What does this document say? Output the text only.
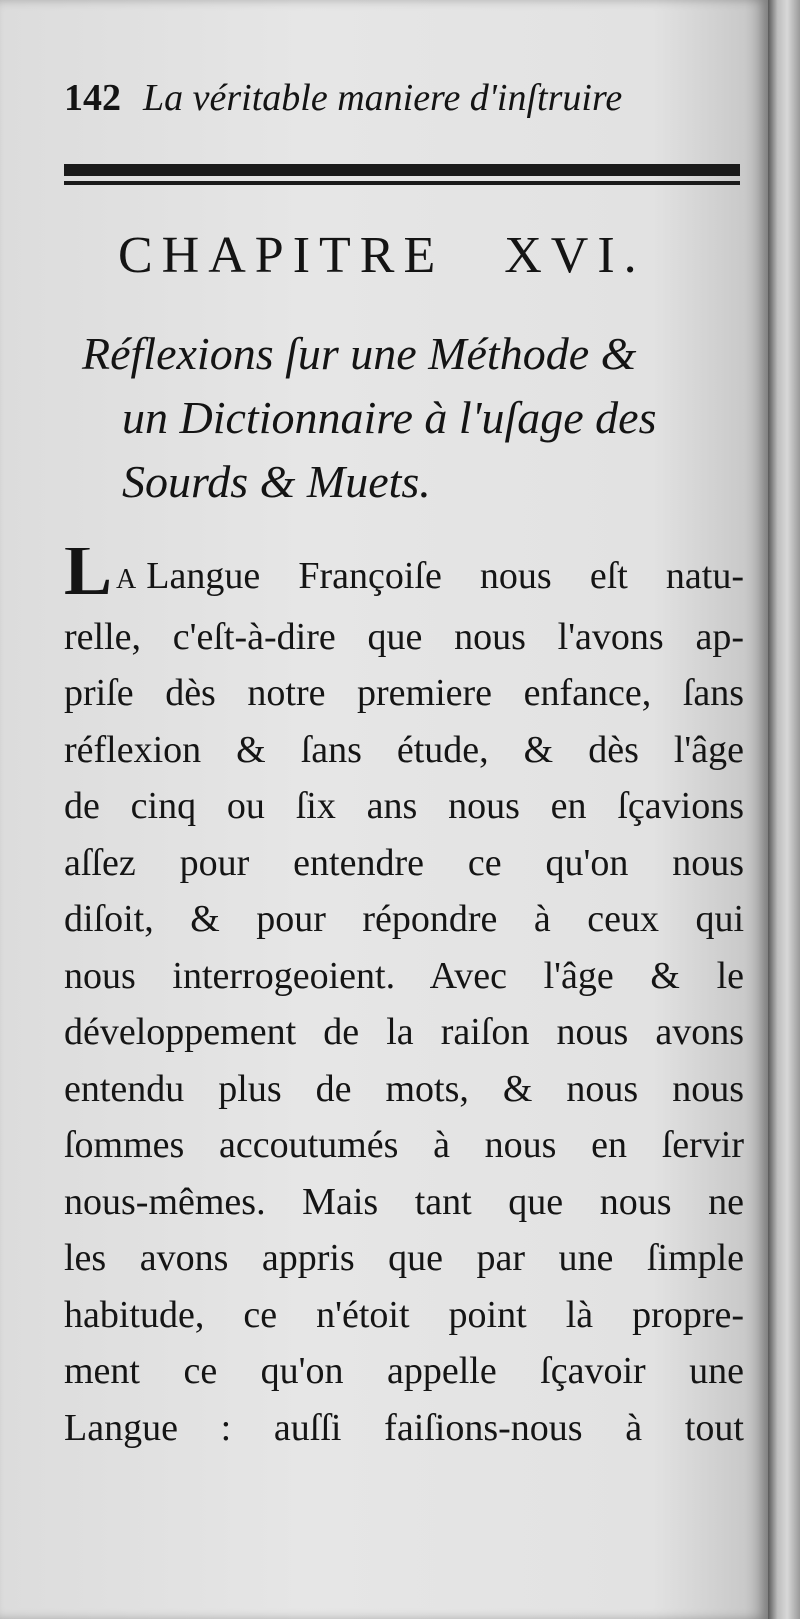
142 La véritable maniere d'inſtruire
CHAPITRE XVI.
Réflexions ſur une Méthode &
un Dictionnaire à l'uſage des
Sourds & Muets.
L A Langue Françoiſe nous eſt natu-
relle, c'eſt-à-dire que nous l'avons ap-
priſe dès notre premiere enfance, ſans
réflexion & ſans étude, & dès l'âge
de cinq ou ſix ans nous en ſçavions
aſſez pour entendre ce qu'on nous
diſoit, & pour répondre à ceux qui
nous interrogeoient. Avec l'âge & le
développement de la raiſon nous avons
entendu plus de mots, & nous nous
ſommes accoutumés à nous en ſervir
nous-mêmes. Mais tant que nous ne
les avons appris que par une ſimple
habitude, ce n'étoit point là propre-
ment ce qu'on appelle ſçavoir une
Langue : auſſi faiſions-nous à tout
